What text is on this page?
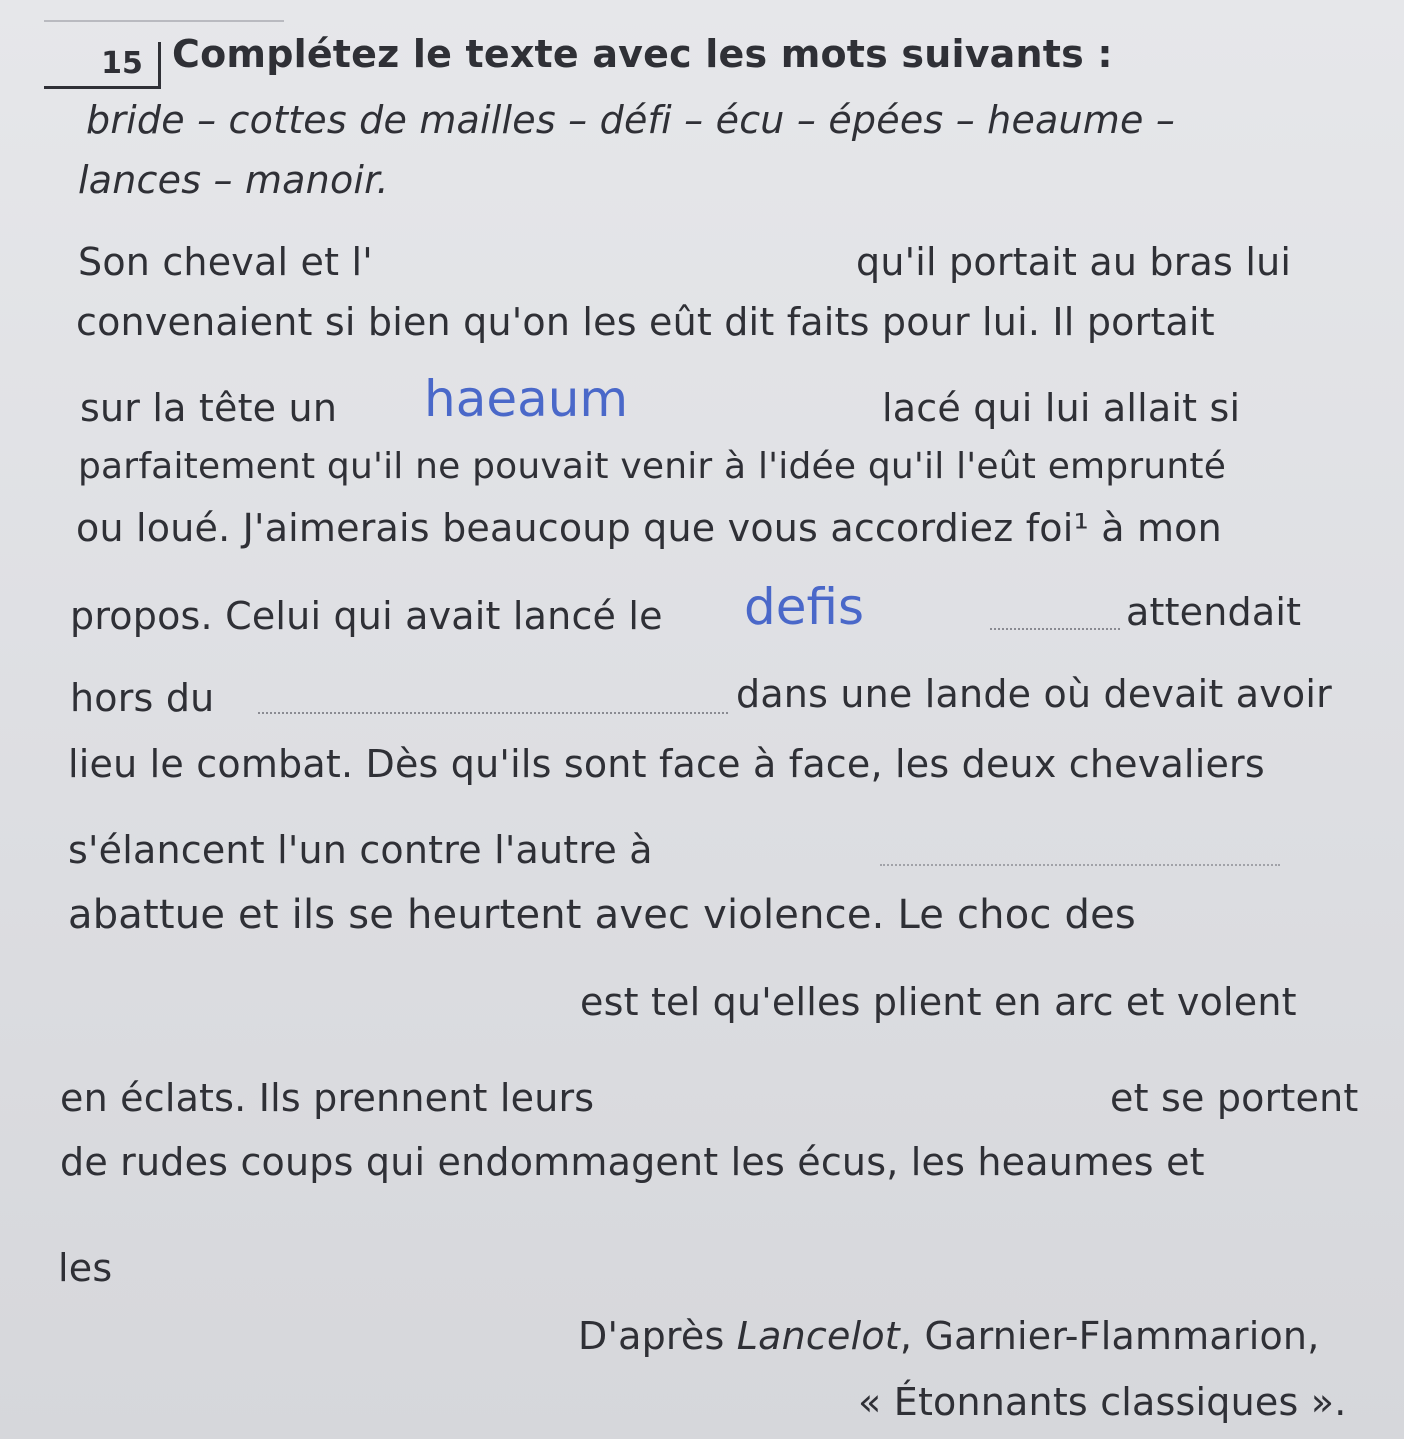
15 Complétez le texte avec les mots suivants :
bride – cottes de mailles – défi – écu – épées – heaume –
lances – manoir.
Son cheval et l'	qu'il portait au bras lui
convenaient si bien qu'on les eût dit faits pour lui. Il portait
sur la tête un haeaum	lacé qui lui allait si
parfaitement qu'il ne pouvait venir à l'idée qu'il l'eût emprunté
ou loué. J'aimerais beaucoup que vous accordiez foi¹ à mon
propos. Celui qui avait lancé le defis	attendait
hors du	dans une lande où devait avoir
lieu le combat. Dès qu'ils sont face à face, les deux chevaliers
s'élancent l'un contre l'autre à
abattue et ils se heurtent avec violence. Le choc des
est tel qu'elles plient en arc et volent
en éclats. Ils prennent leurs	et se portent
de rudes coups qui endommagent les écus, les heaumes et
les
D'après Lancelot, Garnier-Flammarion,
« Étonnants classiques ».
